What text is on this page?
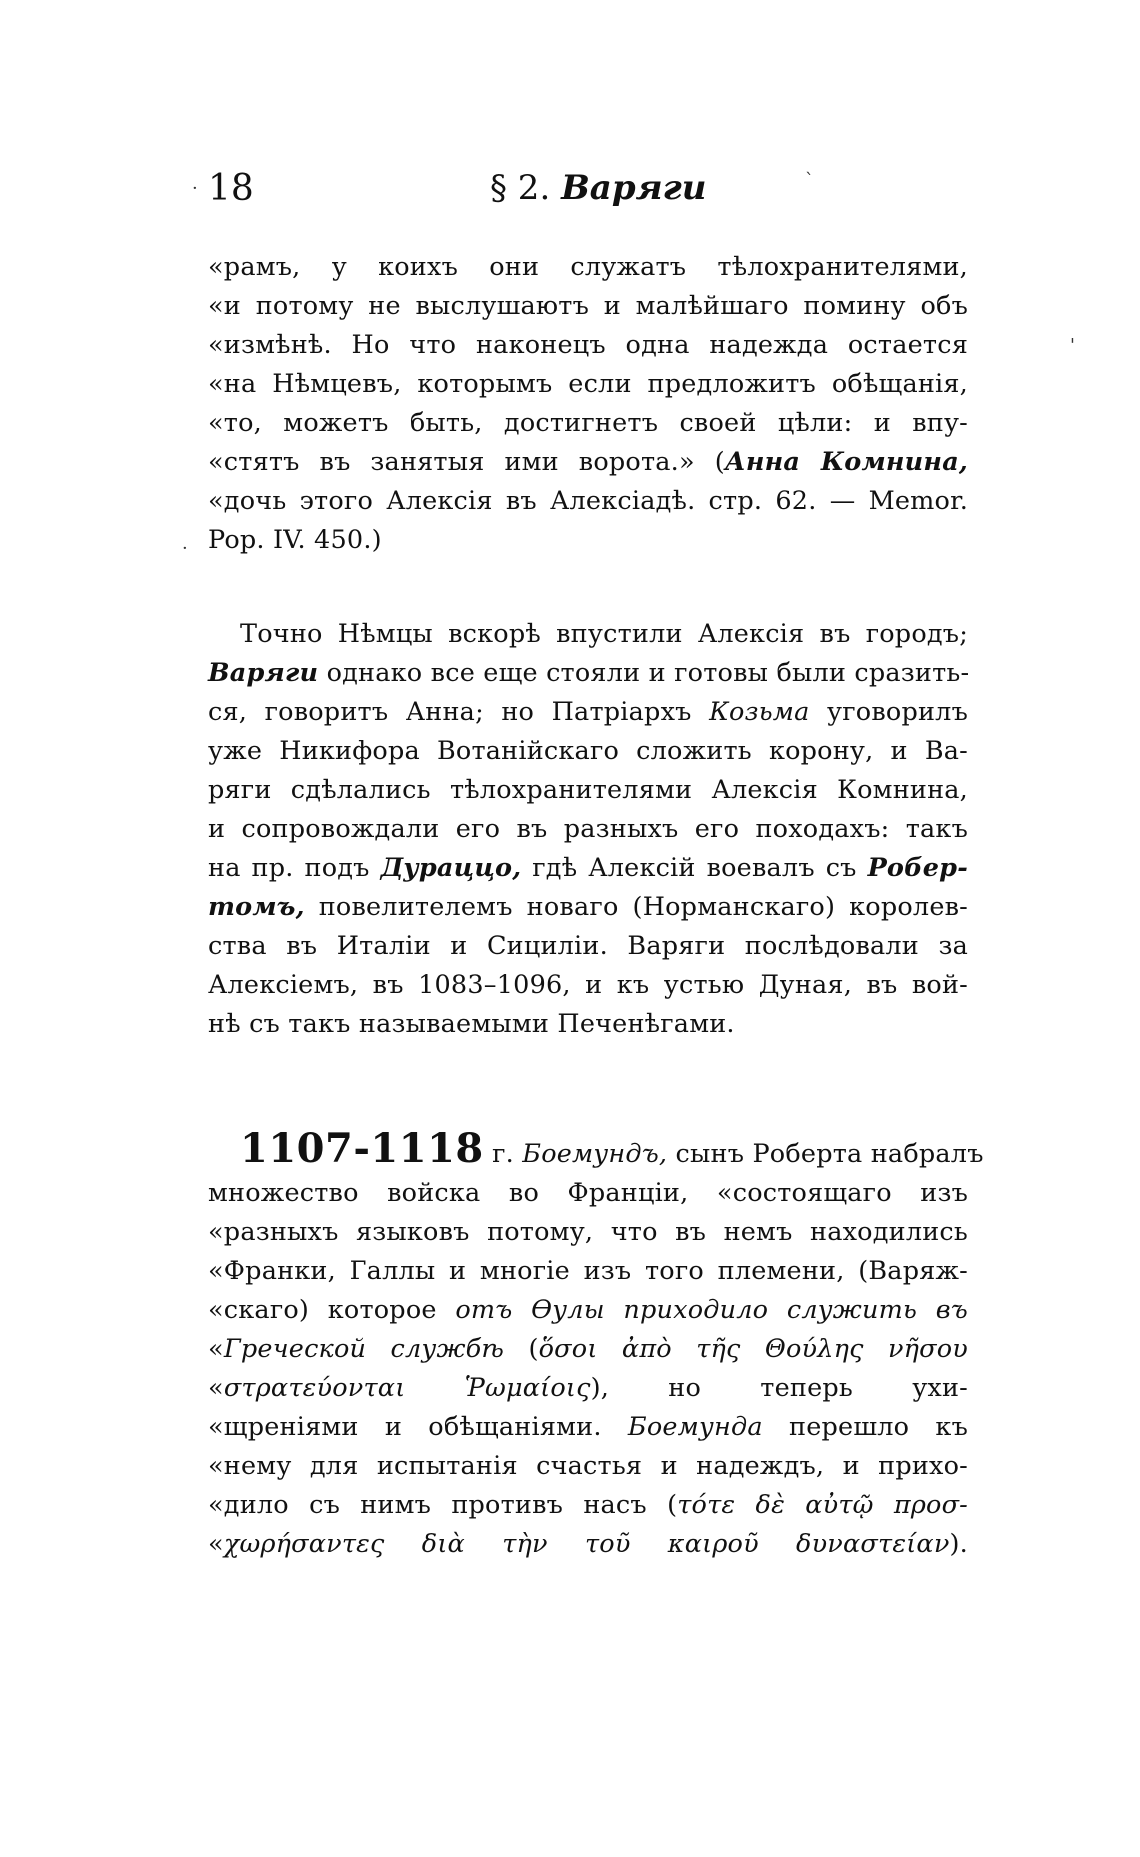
18	§ 2. Варяги
«рамъ, у коихъ они служатъ тѣлохранителями,
«и потому не выслушаютъ и малѣйшаго помину объ
«измѣнѣ. Но что наконецъ одна надежда остается
«на Нѣмцевъ, которымъ если предложитъ обѣщанія,
«то, можетъ быть, достигнетъ своей цѣли: и впу-
«стятъ въ занятыя ими ворота.» (Анна Комнина,
«дочь этого Алексія въ Алексіадѣ. стр. 62. — Memor.
Pop. IV. 450.)
Точно Нѣмцы вскорѣ впустили Алексія въ городъ;
Варяги однако все еще стояли и готовы были сразить-
ся, говоритъ Анна; но Патріархъ Козьма уговорилъ
уже Никифора Вотанійскаго сложить корону, и Ва-
ряги сдѣлались тѣлохранителями Алексія Комнина,
и сопровождали его въ разныхъ его походахъ: такъ
на пр. подъ Дураццо, гдѣ Алексій воевалъ съ Робер-
томъ, повелителемъ новаго (Норманскаго) королев-
ства въ Италіи и Сициліи. Варяги послѣдовали за
Алексіемъ, въ 1083–1096, и къ устью Дуная, въ вой-
нѣ съ такъ называемыми Печенѣгами.
1107-1118 г. Боемундъ, сынъ Роберта набралъ
множество войска во Франціи, «состоящаго изъ
«разныхъ языковъ потому, что въ немъ находились
«Франки, Галлы и многіе изъ того племени, (Варяж-
«скаго) которое отъ Өулы приходило служить въ
«Греческой службѣ (ὅσοι ἀπὸ τῆς Θούλης νῆσου
«στρατεύονται Ῥωμαίοις), но теперь ухи-
«щреніями и обѣщаніями. Боемунда перешло къ
«нему для испытанія счастья и надеждъ, и прихо-
«дило съ нимъ противъ насъ (τότε δὲ αὐτῷ προσ-
«χωρήσαντες διὰ τὴν τοῦ καιροῦ δυναστείαν).
·
·
'
ˋ
